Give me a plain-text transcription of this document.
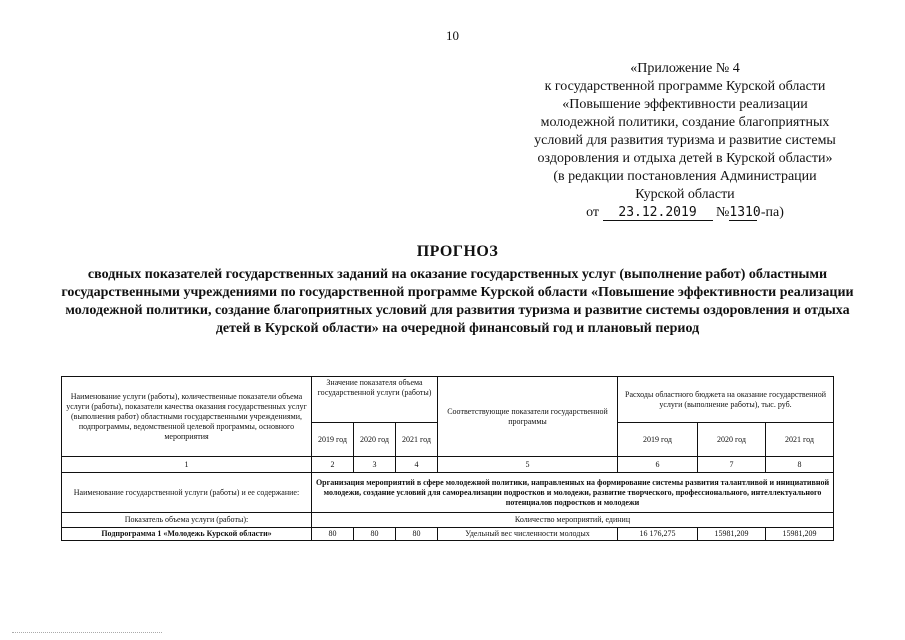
10
«Приложение № 4
к государственной программе Курской области
«Повышение эффективности реализации
молодежной политики, создание благоприятных
условий для развития туризма и развитие системы
оздоровления и отдыха детей в Курской области»
(в редакции постановления Администрации
Курской области
от 23.12.2019 №1310 -па)
ПРОГНОЗ
сводных показателей государственных заданий на оказание государственных услуг (выполнение работ) областными государственными учреждениями по государственной программе Курской области «Повышение эффективности реализации молодежной политики, создание благоприятных условий для развития туризма и развитие системы оздоровления и отдыха детей в Курской области» на очередной финансовый год и плановый период
Наименование услуги (работы), количественные показатели объема услуги (работы), показатели качества оказания государственных услуг (выполнения работ) областными государственными учреждениями, подпрограммы, ведомственной целевой программы, основного мероприятия	Значение показателя объема государственной услуги (работы)			Соответствующие показатели государственной программы	Расходы областного бюджета на оказание государственной услуги (выполнение работы), тыс. руб.		
	2019 год	2020 год	2021 год		2019 год	2020 год	2021 год
1	2	3	4	5	6	7	8
Наименование государственной услуги (работы) и ее содержание:	Организация мероприятий в сфере молодежной политики, направленных на формирование системы развития талантливой и инициативной молодежи, создание условий для самореализации подростков и молодежи, развитие творческого, профессионального, интеллектуального потенциалов подростков и молодежи						
Показатель объема услуги (работы):	Количество мероприятий, единиц						
Подпрограмма 1 «Молодежь Курской области»	80	80	80	Удельный вес численности молодых	16 176,275	15981,209	15981,209
